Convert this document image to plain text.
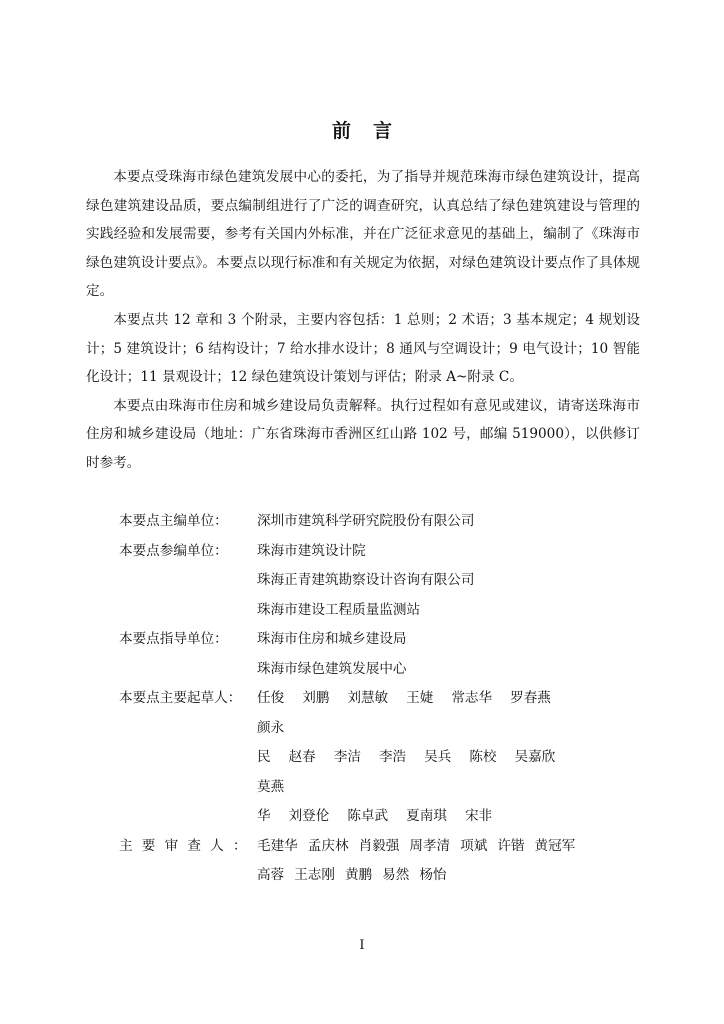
前 言

本要点受珠海市绿色建筑发展中心的委托，为了指导并规范珠海市绿色建筑设计，提高绿色建筑建设品质，要点编制组进行了广泛的调查研究，认真总结了绿色建筑建设与管理的实践经验和发展需要，参考有关国内外标准，并在广泛征求意见的基础上，编制了《珠海市绿色建筑设计要点》。本要点以现行标准和有关规定为依据，对绿色建筑设计要点作了具体规定。

本要点共 12 章和 3 个附录，主要内容包括：1 总则；2 术语；3 基本规定；4 规划设计；5 建筑设计；6 结构设计；7 给水排水设计；8 通风与空调设计；9 电气设计；10 智能化设计；11 景观设计；12 绿色建筑设计策划与评估；附录 A~附录 C。

本要点由珠海市住房和城乡建设局负责解释。执行过程如有意见或建议，请寄送珠海市住房和城乡建设局（地址：广东省珠海市香洲区红山路 102 号，邮编 519000），以供修订时参考。

本要点主编单位：	深圳市建筑科学研究院股份有限公司
本要点参编单位：	珠海市建筑设计院
珠海正青建筑勘察设计咨询有限公司
珠海市建设工程质量监测站
本要点指导单位：	珠海市住房和城乡建设局
珠海市绿色建筑发展中心
本要点主要起草人：	任俊 刘鹏 刘慧敏 王婕 常志华 罗春燕颜永
民 赵春 李洁 李浩 吴兵 陈校 吴嘉欣莫燕
华 刘登伦 陈卓武 夏南琪 宋非
主要审查人： 毛建华 孟庆林 肖毅强 周孝清 项斌 许锴 黄冠军
高蓉 王志刚 黄鹏 易然 杨怡
I
